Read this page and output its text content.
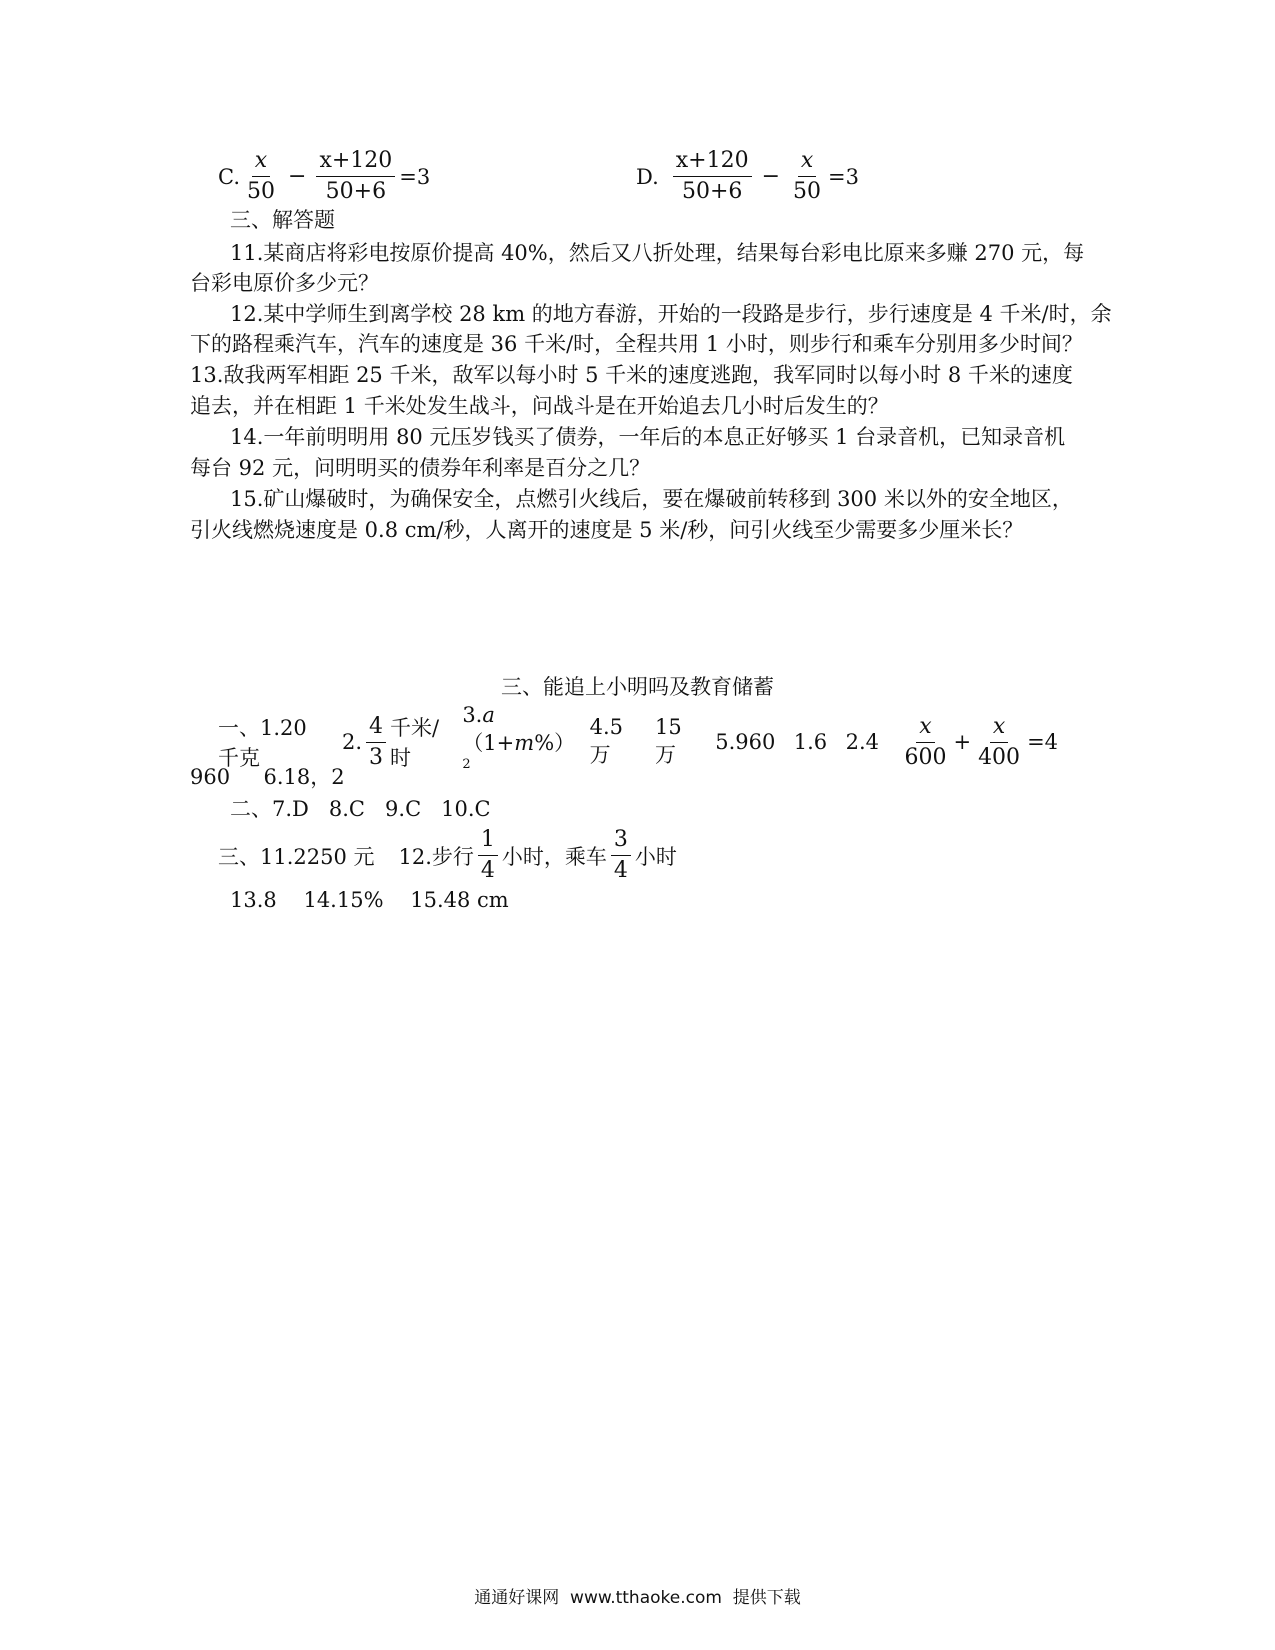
C. $\frac{x}{50} - \frac{x+120}{50+6} =3$	D. $\frac{x+120}{50+6} - \frac{x}{50} =3$
三、解答题
11.某商店将彩电按原价提高 40%，然后又八折处理，结果每台彩电比原来多赚 270 元，每
台彩电原价多少元？
12.某中学师生到离学校 28 km 的地方春游，开始的一段路是步行，步行速度是 4 千米/时，余
下的路程乘汽车，汽车的速度是 36 千米/时，全程共用 1 小时，则步行和乘车分别用多少时间？
13.敌我两军相距 25 千米，敌军以每小时 5 千米的速度逃跑，我军同时以每小时 8 千米的速度
追去，并在相距 1 千米处发生战斗，问战斗是在开始追去几小时后发生的？
14.一年前明明用 80 元压岁钱买了债券，一年后的本息正好够买 1 台录音机，已知录音机
每台 92 元，问明明买的债券年利率是百分之几？
15.矿山爆破时，为确保安全，点燃引火线后，要在爆破前转移到 300 米以外的安全地区，
引火线燃烧速度是 0.8 cm/秒，人离开的速度是 5 米/秒，问引火线至少需要多少厘米长？
三、能追上小明吗及教育储蓄
一、1.20 千克
2. $\frac{4}{3}$ 千米/时
$3.a(1+m\%)^2$
4.5 万
15 万
5.960 1.6 $2.4 \frac{x}{600} + \frac{x}{400} =4$
960     6.18，2
二、7.D   8.C   9.C   10.C
三、11.2250 元 12.步行 $\frac{1}{4}$ 小时，乘车 $\frac{3}{4}$ 小时
13.8    14.15%    15.48 cm
通通好课网  www.tthaoke.com  提供下载
